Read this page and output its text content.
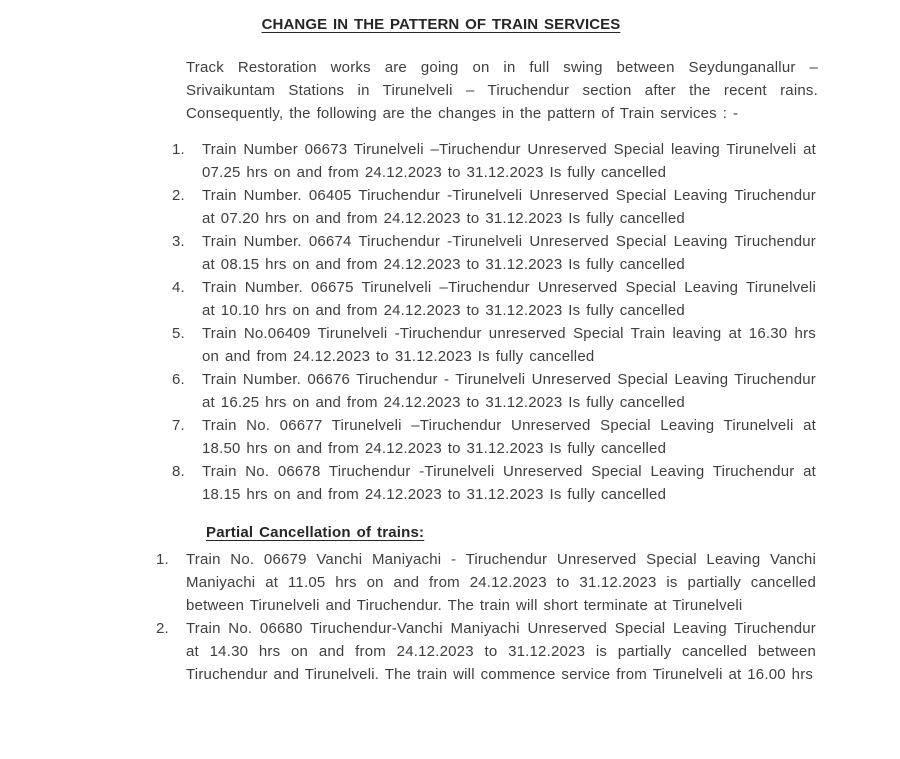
CHANGE IN THE PATTERN OF TRAIN SERVICES

Track Restoration works are going on in full swing between Seydunganallur – Srivaikuntam Stations in Tirunelveli – Tiruchendur section after the recent rains. Consequently, the following are the changes in the pattern of Train services : -

1.	Train Number 06673 Tirunelveli –Tiruchendur Unreserved Special leaving Tirunelveli at 07.25 hrs on and from 24.12.2023 to 31.12.2023 Is fully cancelled
2.	Train Number. 06405 Tiruchendur -Tirunelveli Unreserved Special Leaving Tiruchendur at 07.20 hrs on and from 24.12.2023 to 31.12.2023 Is fully cancelled
3.	Train Number. 06674 Tiruchendur -Tirunelveli Unreserved Special Leaving Tiruchendur at 08.15 hrs on and from 24.12.2023 to 31.12.2023 Is fully cancelled
4.	Train Number. 06675 Tirunelveli –Tiruchendur Unreserved Special Leaving Tirunelveli at 10.10 hrs on and from 24.12.2023 to 31.12.2023 Is fully cancelled
5.	Train No.06409 Tirunelveli -Tiruchendur unreserved Special Train leaving at 16.30 hrs on and from 24.12.2023 to 31.12.2023 Is fully cancelled
6.	Train Number. 06676 Tiruchendur - Tirunelveli Unreserved Special Leaving Tiruchendur at 16.25 hrs on and from 24.12.2023 to 31.12.2023 Is fully cancelled
7.	Train No. 06677 Tirunelveli –Tiruchendur Unreserved Special Leaving Tirunelveli at 18.50 hrs on and from 24.12.2023 to 31.12.2023 Is fully cancelled
8.	Train No. 06678 Tiruchendur -Tirunelveli Unreserved Special Leaving Tiruchendur at 18.15 hrs on and from 24.12.2023 to 31.12.2023 Is fully cancelled
Partial Cancellation of trains:
1.	Train No. 06679 Vanchi Maniyachi - Tiruchendur Unreserved Special Leaving Vanchi Maniyachi at 11.05 hrs on and from 24.12.2023 to 31.12.2023 is partially cancelled between Tirunelveli and Tiruchendur. The train will short terminate at Tirunelveli
2.	Train No. 06680 Tiruchendur-Vanchi Maniyachi Unreserved Special Leaving Tiruchendur at 14.30 hrs on and from 24.12.2023 to 31.12.2023 is partially cancelled between Tiruchendur and Tirunelveli. The train will commence service from Tirunelveli at 16.00 hrs
